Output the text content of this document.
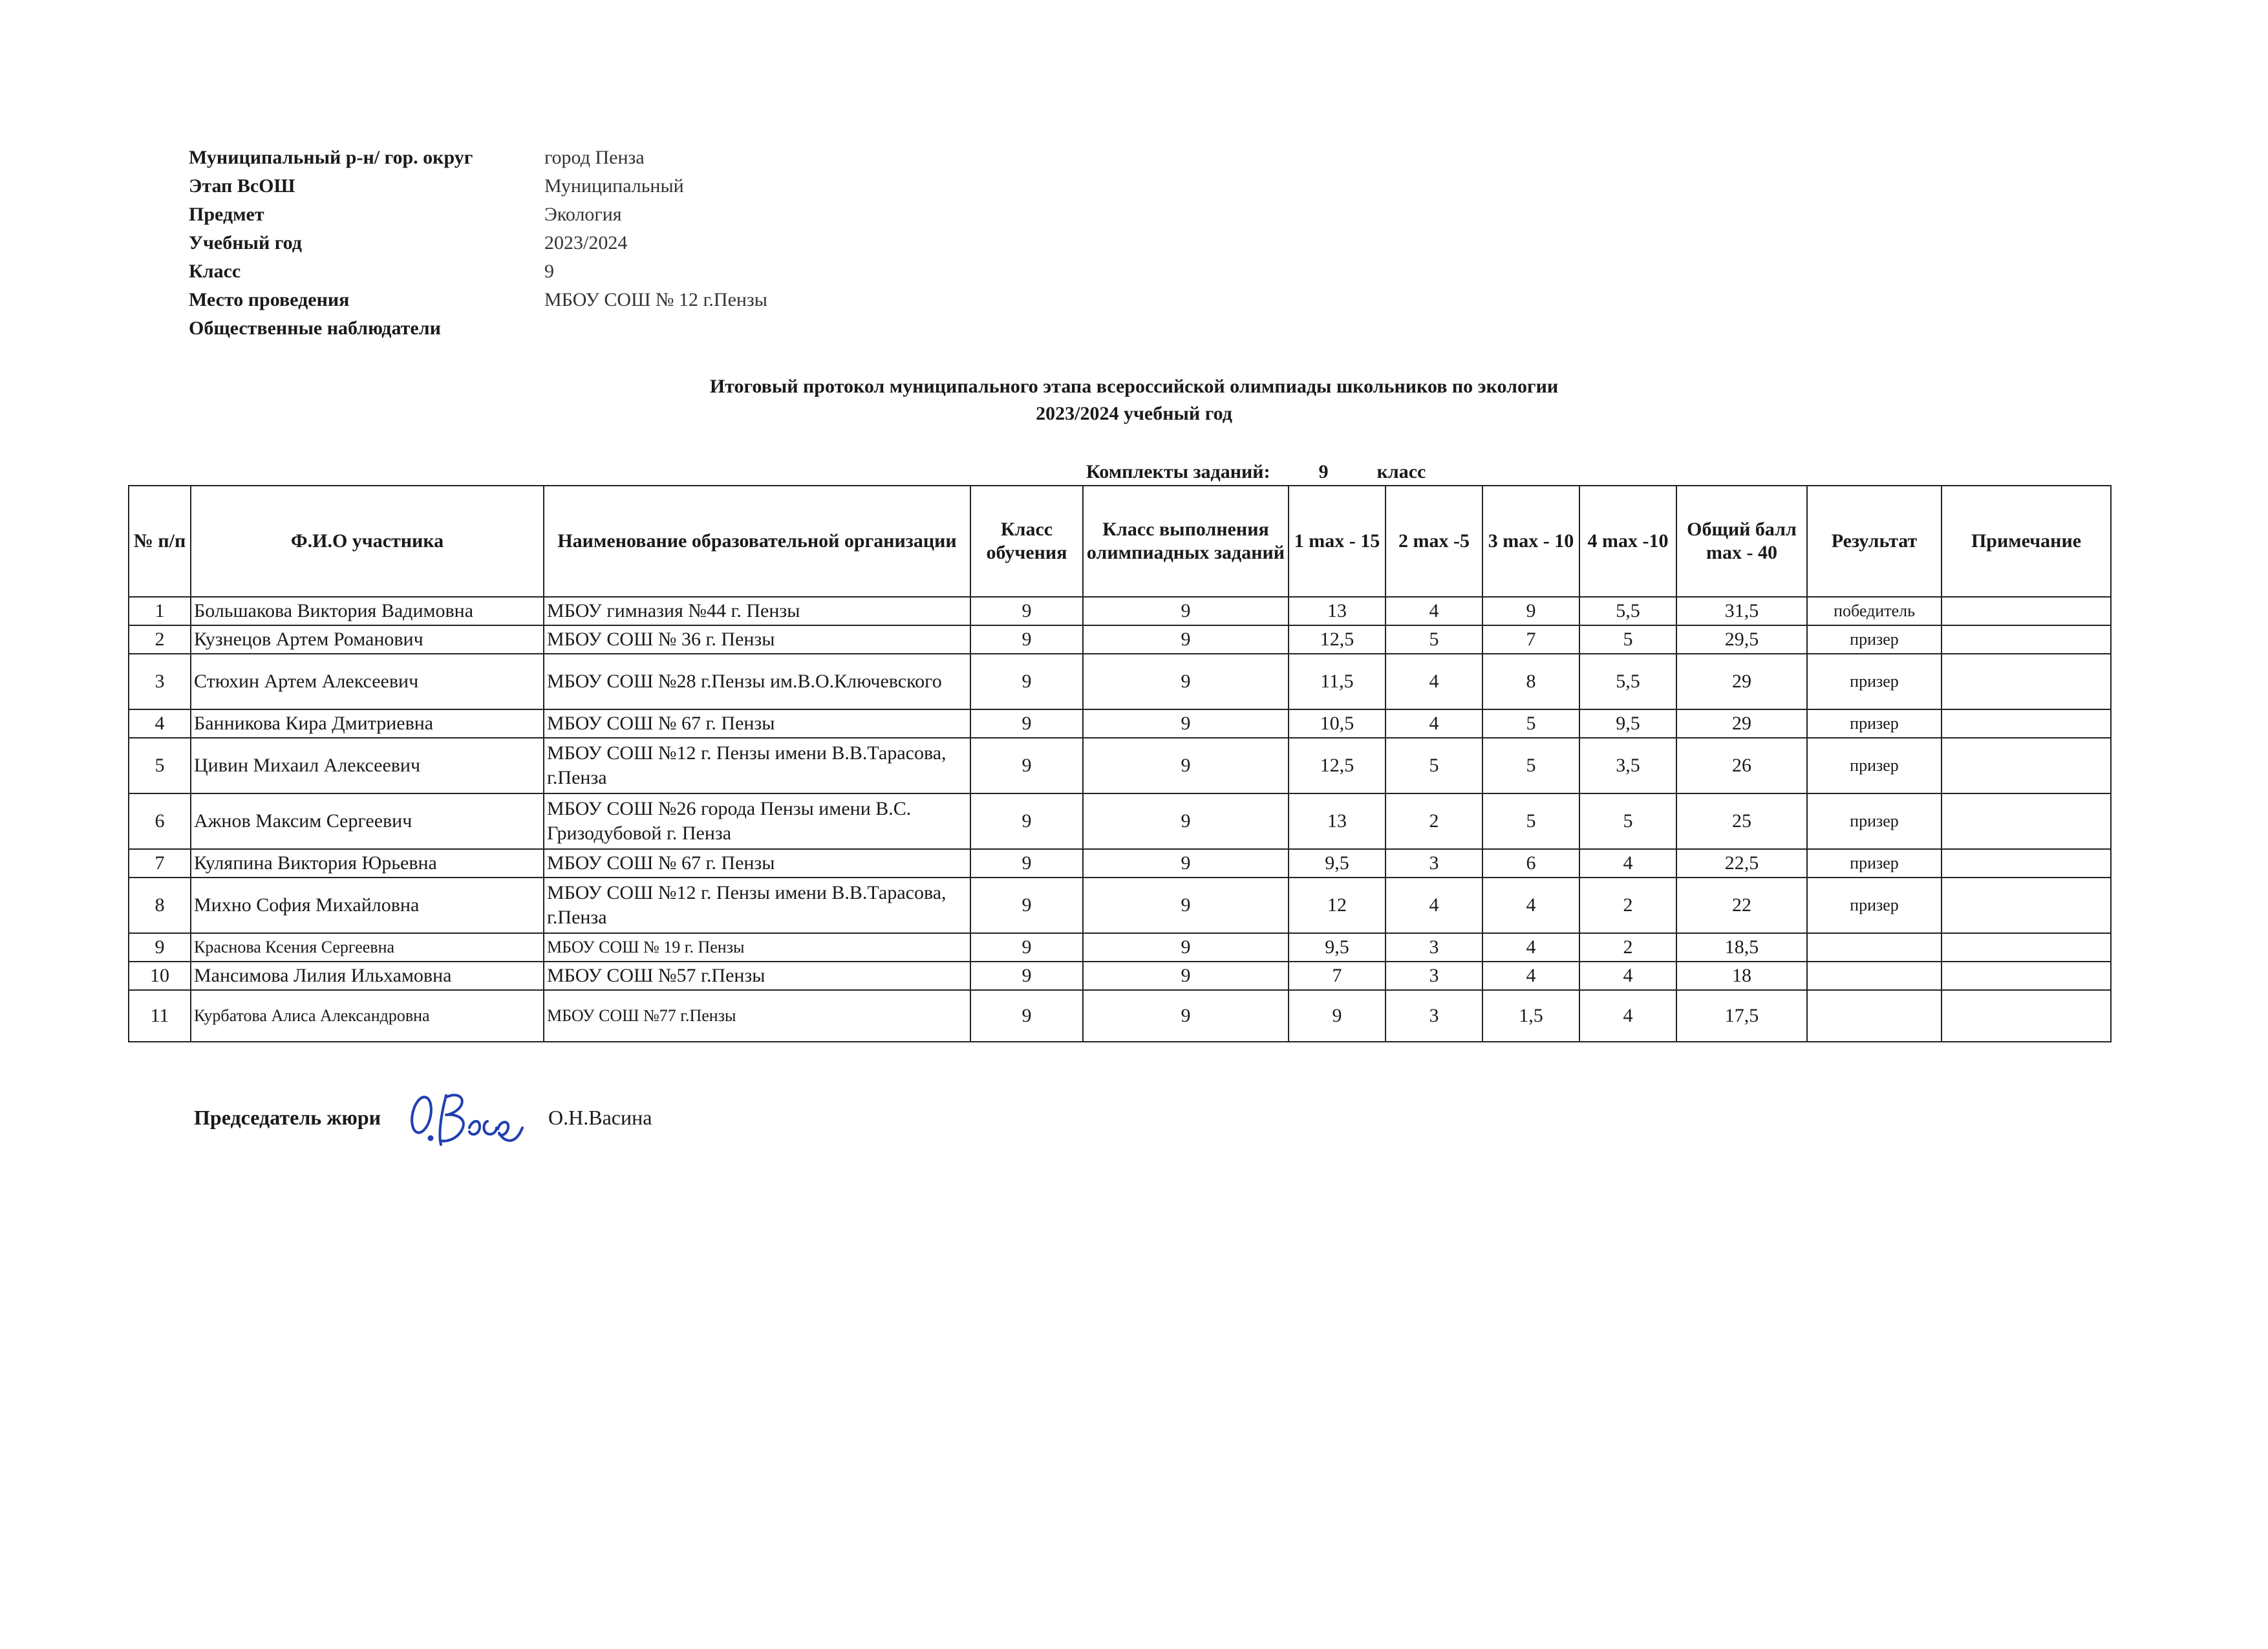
Муниципальный р-н/ гор. округ	город Пенза
Этап ВсОШ	Муниципальный
Предмет	Экология
Учебный год	2023/2024
Класс	9
Место проведения	МБОУ СОШ № 12 г.Пензы
Общественные наблюдатели
Итоговый протокол муниципального этапа всероссийской олимпиады школьников по экологии
2023/2024 учебный год
Комплекты заданий:	9	класс
№ п/п	Ф.И.О участника	Наименование образовательной организации	Класс обучения	Класс выполнения олимпиадных заданий	1 max - 15	2 max -5	3 max - 10	4 max -10	Общий балл max - 40	Результат	Примечание
1	Большакова Виктория Вадимовна	МБОУ гимназия №44 г. Пензы	9	9	13	4	9	5,5	31,5	победитель	
2	Кузнецов Артем Романович	МБОУ СОШ № 36 г. Пензы	9	9	12,5	5	7	5	29,5	призер	
3	Стюхин Артем Алексеевич	МБОУ СОШ №28 г.Пензы им.В.О.Ключевского	9	9	11,5	4	8	5,5	29	призер	
4	Банникова Кира Дмитриевна	МБОУ СОШ № 67 г. Пензы	9	9	10,5	4	5	9,5	29	призер	
5	Цивин Михаил Алексеевич	МБОУ СОШ №12 г. Пензы имени В.В.Тарасова, г.Пенза	9	9	12,5	5	5	3,5	26	призер	
6	Ажнов Максим Сергеевич	МБОУ СОШ №26 города Пензы имени В.С. Гризодубовой г. Пенза	9	9	13	2	5	5	25	призер	
7	Куляпина Виктория Юрьевна	МБОУ СОШ № 67 г. Пензы	9	9	9,5	3	6	4	22,5	призер	
8	Михно София Михайловна	МБОУ СОШ №12 г. Пензы имени В.В.Тарасова, г.Пенза	9	9	12	4	4	2	22	призер	
9	Краснова Ксения Сергеевна	МБОУ СОШ № 19 г. Пензы	9	9	9,5	3	4	2	18,5		
10	Мансимова Лилия Ильхамовна	МБОУ СОШ №57 г.Пензы	9	9	7	3	4	4	18		
11	Курбатова Алиса Александровна	МБОУ СОШ №77 г.Пензы	9	9	9	3	1,5	4	17,5		
Председатель жюри	О.Н.Васина
